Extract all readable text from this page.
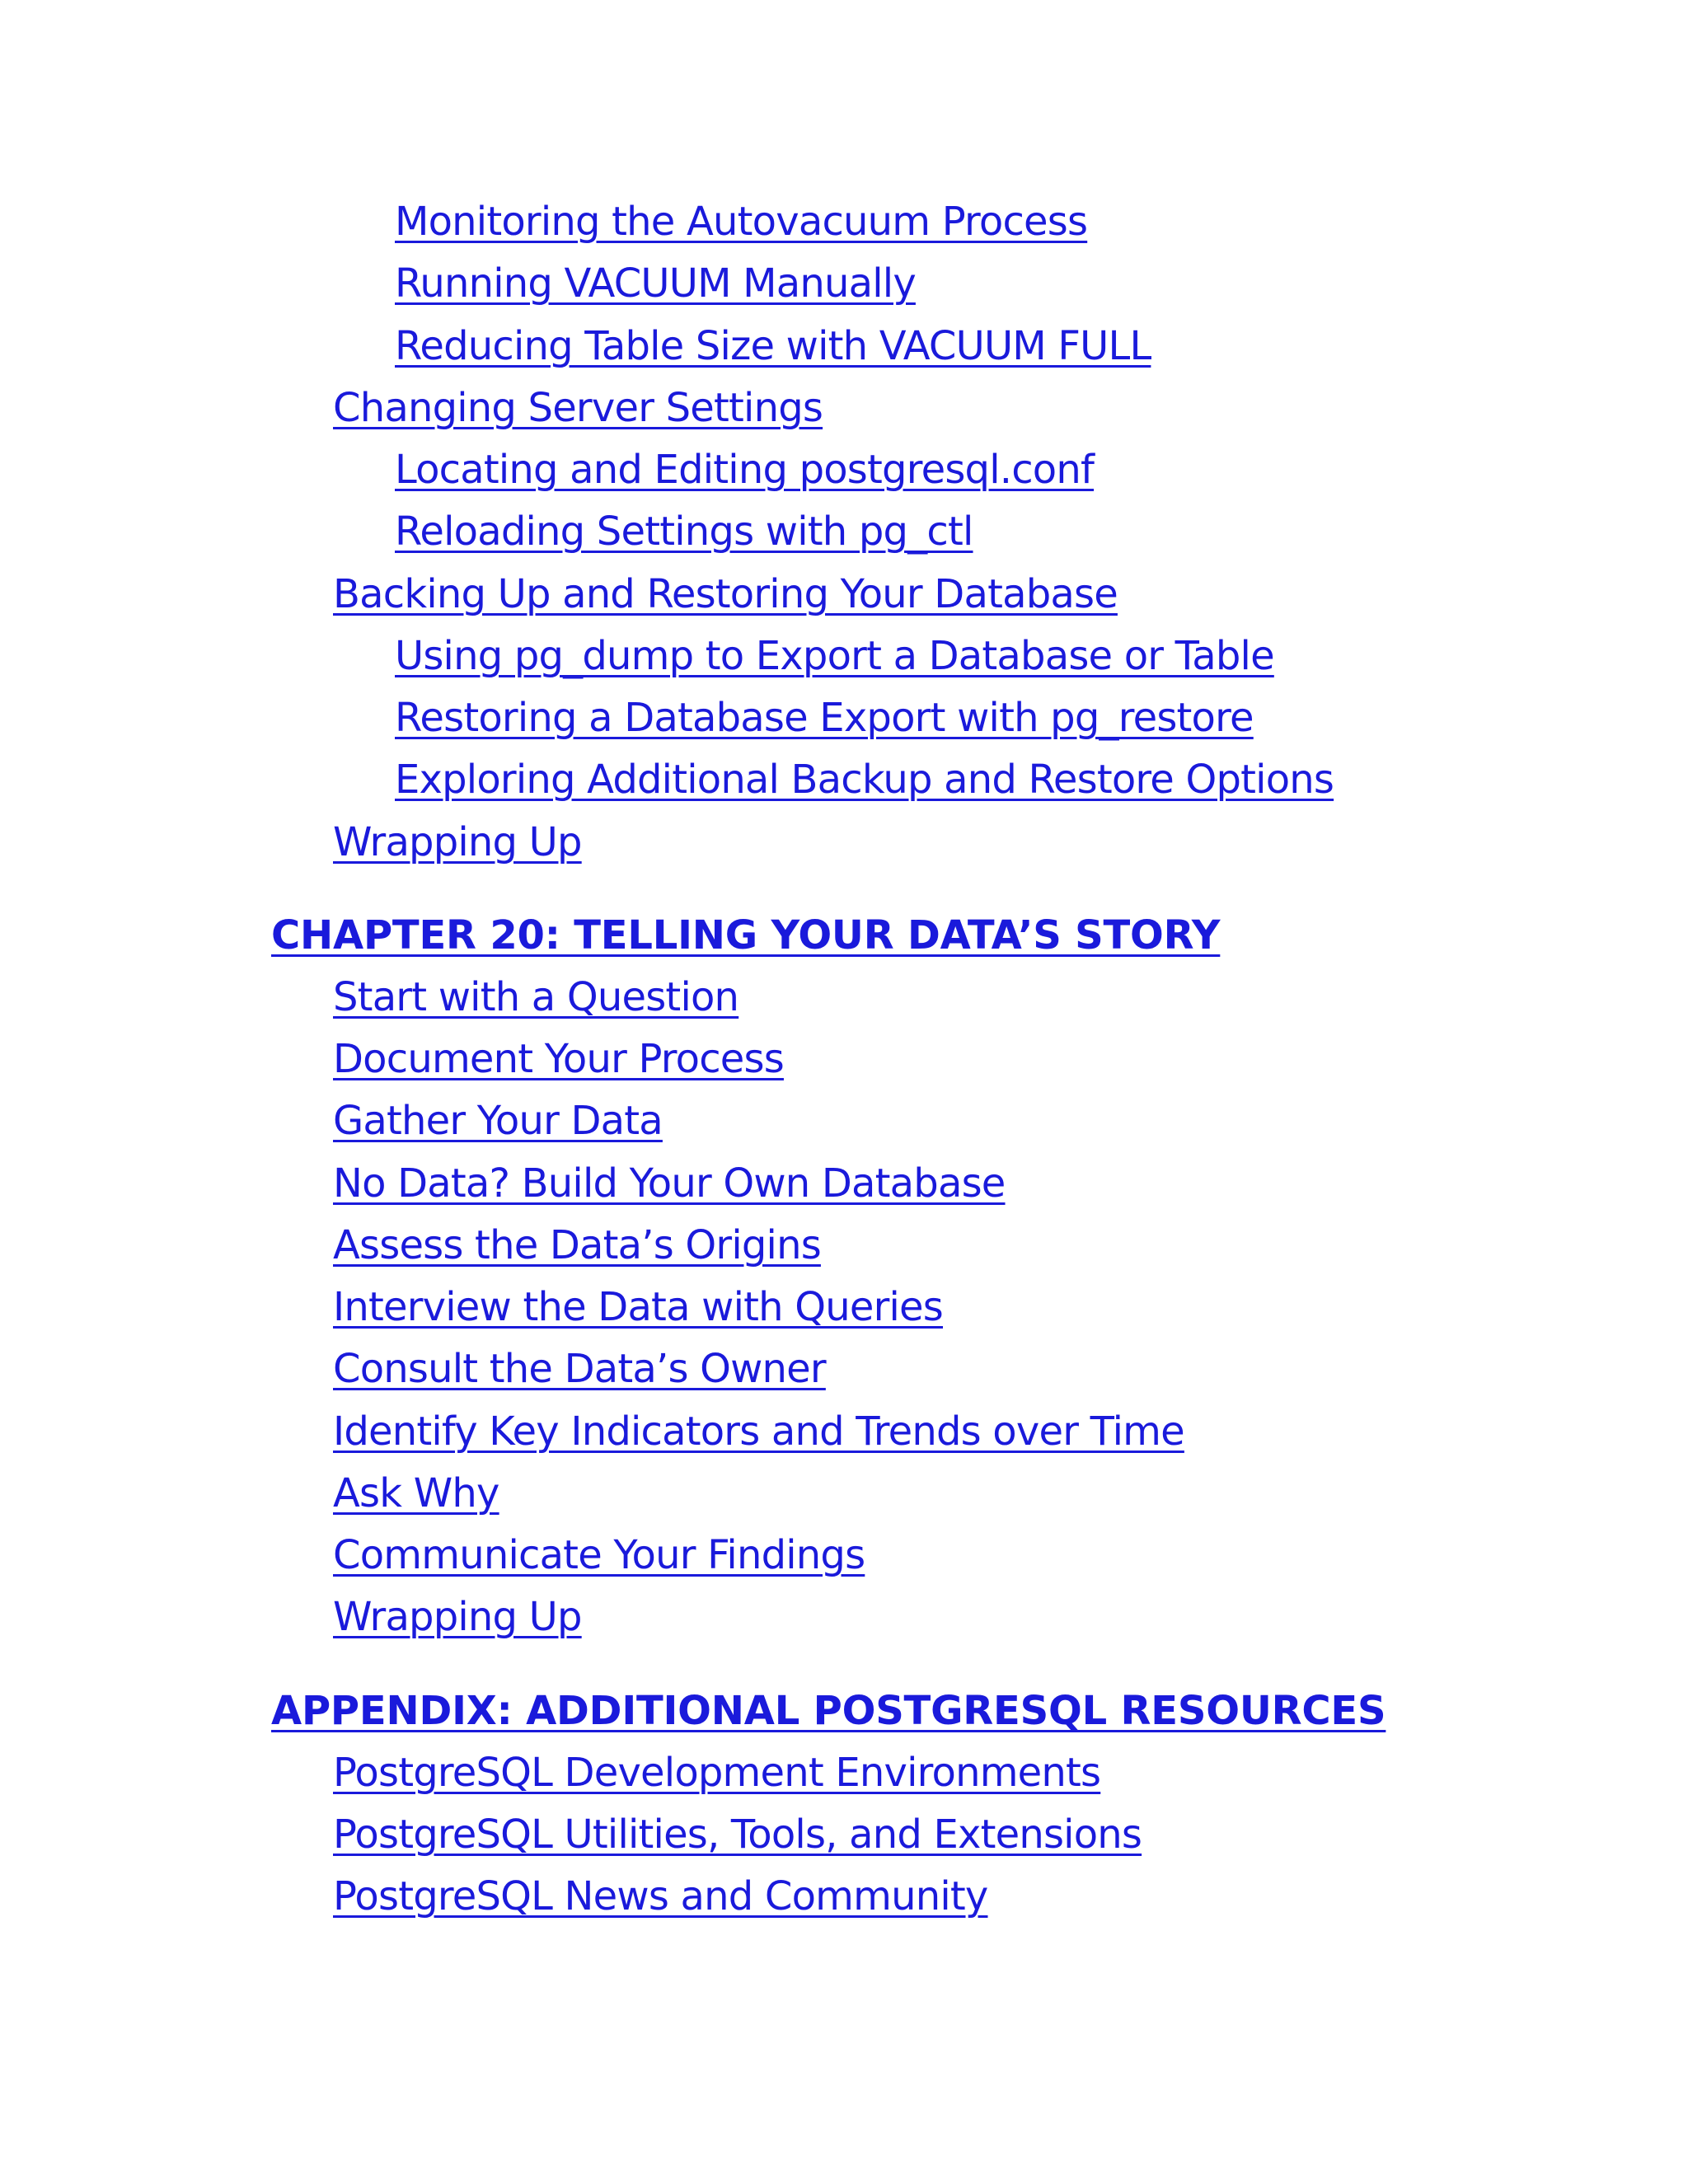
Monitoring the Autovacuum Process
Running VACUUM Manually
Reducing Table Size with VACUUM FULL
Changing Server Settings
Locating and Editing postgresql.conf
Reloading Settings with pg_ctl
Backing Up and Restoring Your Database
Using pg_dump to Export a Database or Table
Restoring a Database Export with pg_restore
Exploring Additional Backup and Restore Options
Wrapping Up
CHAPTER 20: TELLING YOUR DATA’S STORY
Start with a Question
Document Your Process
Gather Your Data
No Data? Build Your Own Database
Assess the Data’s Origins
Interview the Data with Queries
Consult the Data’s Owner
Identify Key Indicators and Trends over Time
Ask Why
Communicate Your Findings
Wrapping Up
APPENDIX: ADDITIONAL POSTGRESQL RESOURCES
PostgreSQL Development Environments
PostgreSQL Utilities, Tools, and Extensions
PostgreSQL News and Community
